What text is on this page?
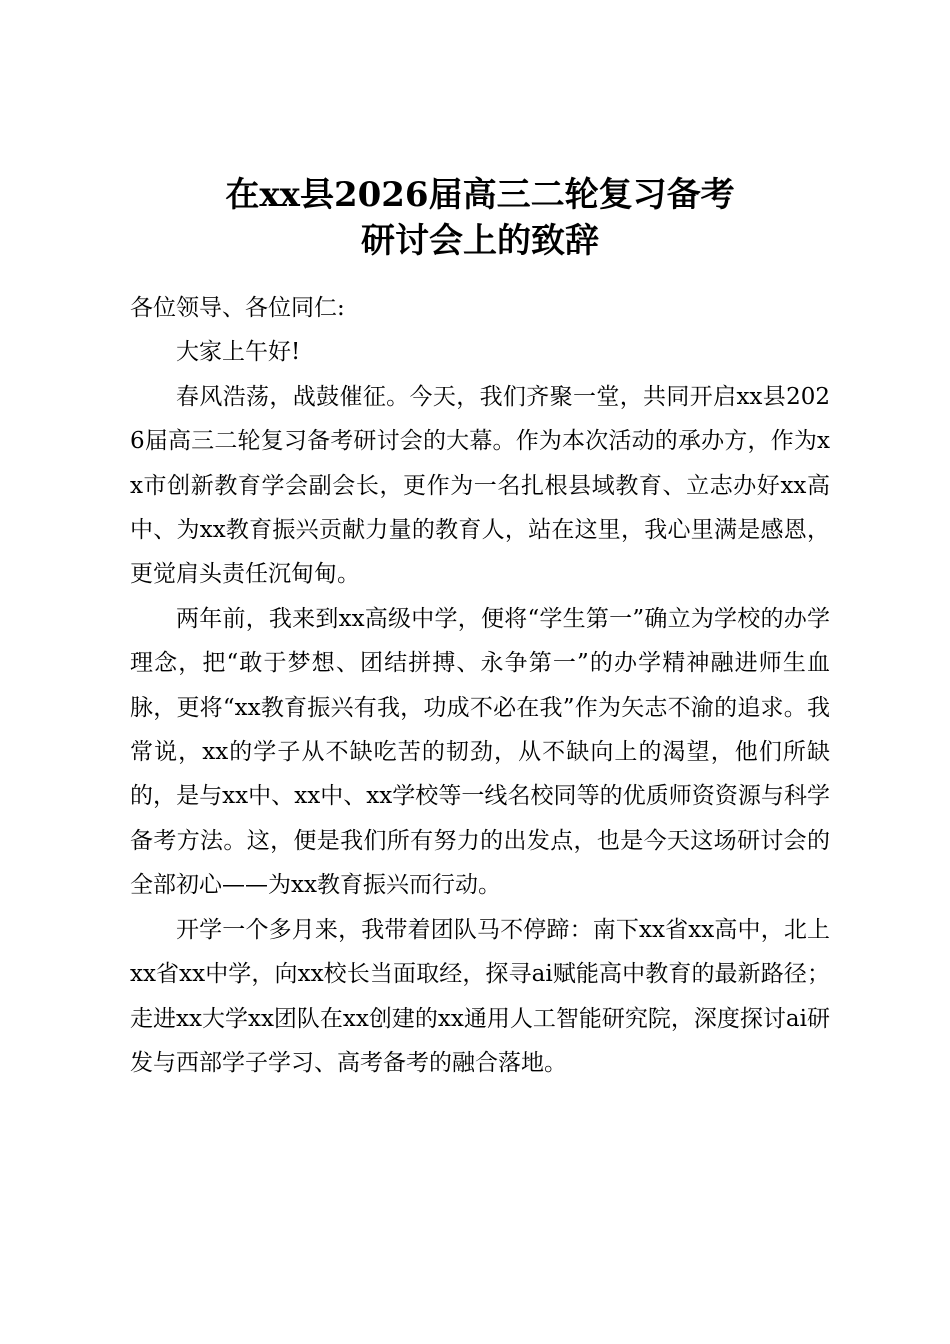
在xx县2026届高三二轮复习备考
研讨会上的致辞

各位领导、各位同仁:

大家上午好!

春风浩荡，战鼓催征。今天，我们齐聚一堂，共同开启xx县2026届高三二轮复习备考研讨会的大幕。作为本次活动的承办方，作为xx市创新教育学会副会长，更作为一名扎根县域教育、立志办好xx高中、为xx教育振兴贡献力量的教育人，站在这里，我心里满是感恩，更觉肩头责任沉甸甸。

两年前，我来到xx高级中学，便将“学生第一”确立为学校的办学理念，把“敢于梦想、团结拼搏、永争第一”的办学精神融进师生血脉，更将“xx教育振兴有我，功成不必在我”作为矢志不渝的追求。我常说，xx的学子从不缺吃苦的韧劲，从不缺向上的渴望，他们所缺的，是与xx中、xx中、xx学校等一线名校同等的优质师资资源与科学备考方法。这，便是我们所有努力的出发点，也是今天这场研讨会的全部初心——为xx教育振兴而行动。

开学一个多月来，我带着团队马不停蹄：南下xx省xx高中，北上xx省xx中学，向xx校长当面取经，探寻ai赋能高中教育的最新路径；走进xx大学xx团队在xx创建的xx通用人工智能研究院，深度探讨ai研发与西部学子学习、高考备考的融合落地。
